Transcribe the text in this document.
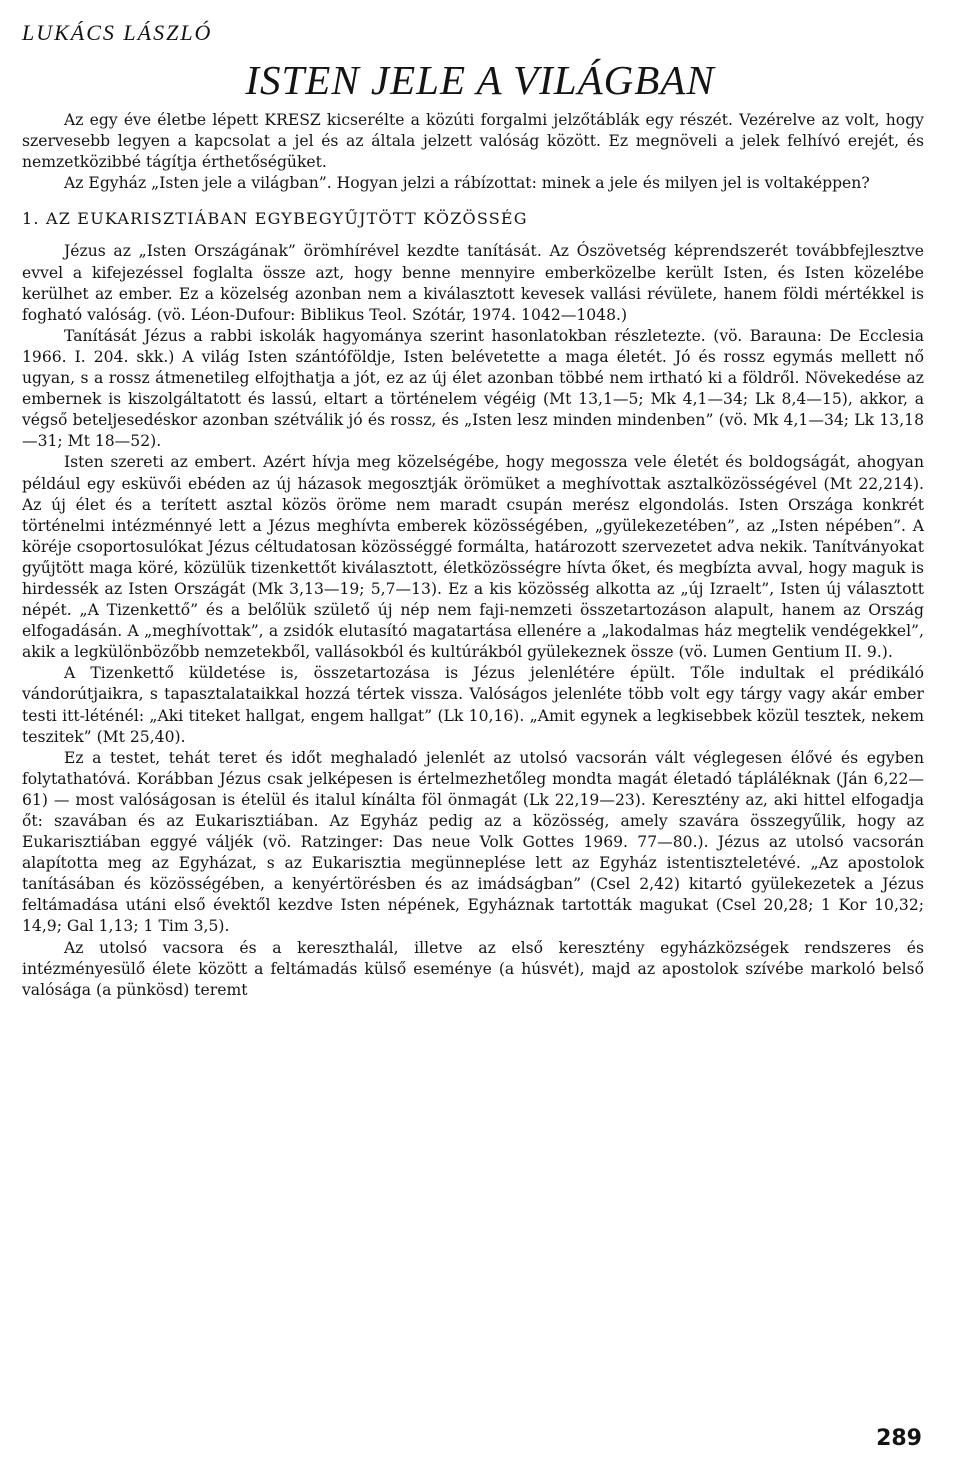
LUKÁCS LÁSZLÓ
ISTEN JELE A VILÁGBAN

Az egy éve életbe lépett KRESZ kicserélte a közúti forgalmi jelzőtáblák egy részét. Vezérelve az volt, hogy szervesebb legyen a kapcsolat a jel és az általa jelzett valóság között. Ez megnöveli a jelek felhívó erejét, és nemzetközibbé tágítja érthetőségüket.

Az Egyház „Isten jele a világban”. Hogyan jelzi a rábízottat: minek a jele és milyen jel is voltaképpen?

1. AZ EUKARISZTIÁBAN EGYBEGYŰJTÖTT KÖZÖSSÉG

Jézus az „Isten Országának” örömhírével kezdte tanítását. Az Ószövetség képrendszerét továbbfejlesztve evvel a kifejezéssel foglalta össze azt, hogy benne mennyire emberközelbe került Isten, és Isten közelébe kerülhet az ember. Ez a közelség azonban nem a kiválasztott kevesek vallási révülete, hanem földi mértékkel is fogható valóság. (vö. Léon-Dufour: Biblikus Teol. Szótár, 1974. 1042—1048.)

Tanítását Jézus a rabbi iskolák hagyománya szerint hasonlatokban részletezte. (vö. Barauna: De Ecclesia 1966. I. 204. skk.) A világ Isten szántóföldje, Isten belévetette a maga életét. Jó és rossz egymás mellett nő ugyan, s a rossz átmenetileg elfojthatja a jót, ez az új élet azonban többé nem irtható ki a földről. Növekedése az embernek is kiszolgáltatott és lassú, eltart a történelem végéig (Mt 13,1—5; Mk 4,1—34; Lk 8,4—15), akkor, a végső beteljesedéskor azonban szétválik jó és rossz, és „Isten lesz minden mindenben” (vö. Mk 4,1—34; Lk 13,18—31; Mt 18—52).

Isten szereti az embert. Azért hívja meg közelségébe, hogy megossza vele életét és boldogságát, ahogyan például egy esküvői ebéden az új házasok megosztják örömüket a meghívottak asztalközösségével (Mt 22,214). Az új élet és a terített asztal közös öröme nem maradt csupán merész elgondolás. Isten Országa konkrét történelmi intézménnyé lett a Jézus meghívta emberek közösségében, „gyülekezetében”, az „Isten népében”. A köréje csoportosulókat Jézus céltudatosan közösséggé formálta, határozott szervezetet adva nekik. Tanítványokat gyűjtött maga köré, közülük tizenkettőt kiválasztott, életközösségre hívta őket, és megbízta avval, hogy maguk is hirdessék az Isten Országát (Mk 3,13—19; 5,7—13). Ez a kis közösség alkotta az „új Izraelt”, Isten új választott népét. „A Tizenkettő” és a belőlük születő új nép nem faji-nemzeti összetartozáson alapult, hanem az Ország elfogadásán. A „meghívottak”, a zsidók elutasító magatartása ellenére a „lakodalmas ház megtelik vendégekkel”, akik a legkülönbözőbb nemzetekből, vallásokból és kultúrákból gyülekeznek össze (vö. Lumen Gentium II. 9.).

A Tizenkettő küldetése is, összetartozása is Jézus jelenlétére épült. Tőle indultak el prédikáló vándorútjaikra, s tapasztalataikkal hozzá tértek vissza. Valóságos jelenléte több volt egy tárgy vagy akár ember testi itt-léténél: „Aki titeket hallgat, engem hallgat” (Lk 10,16). „Amit egynek a legkisebbek közül tesztek, nekem teszitek” (Mt 25,40).

Ez a testet, tehát teret és időt meghaladó jelenlét az utolsó vacsorán vált véglegesen élővé és egyben folytathatóvá. Korábban Jézus csak jelképesen is értelmezhetőleg mondta magát életadó tápláléknak (Ján 6,22—61) — most valóságosan is ételül és italul kínálta föl önmagát (Lk 22,19—23). Keresztény az, aki hittel elfogadja őt: szavában és az Eukarisztiában. Az Egyház pedig az a közösség, amely szavára összegyűlik, hogy az Eukarisztiában eggyé váljék (vö. Ratzinger: Das neue Volk Gottes 1969. 77—80.). Jézus az utolsó vacsorán alapította meg az Egyházat, s az Eukarisztia megünneplése lett az Egyház istentiszteletévé. „Az apostolok tanításában és közösségében, a kenyértörésben és az imádságban” (Csel 2,42) kitartó gyülekezetek a Jézus feltámadása utáni első évektől kezdve Isten népének, Egyháznak tartották magukat (Csel 20,28; 1 Kor 10,32; 14,9; Gal 1,13; 1 Tim 3,5).

Az utolsó vacsora és a kereszthalál, illetve az első keresztény egyházközségek rendszeres és intézményesülő élete között a feltámadás külső eseménye (a húsvét), majd az apostolok szívébe markoló belső valósága (a pünkösd) teremt

289
